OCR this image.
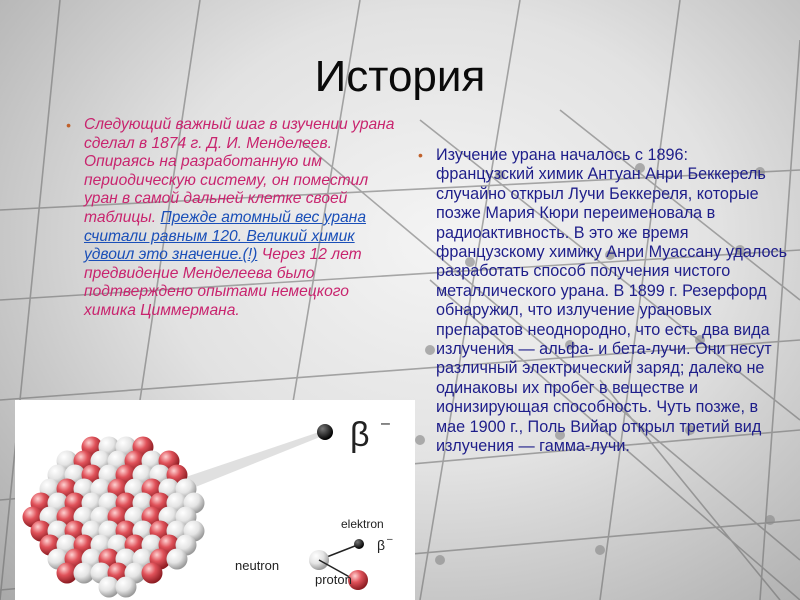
История
• Следующий важный шаг в изучении урана сделал в 1874 г. Д. И. Менделеев. Опираясь на разработанную им периодическую систему, он поместил уран в самой дальней клетке своей таблицы. Прежде атомный вес урана считали равным 120. Великий химик удвоил это значение.(!) Через 12 лет предвидение Менделеева было подтверждено опытами немецкого химика Циммермана.
• Изучение урана началось с 1896: французский химик Антуан Анри Беккерель случайно открыл Лучи Беккереля, которые позже Мария Кюри переименовала в радиоактивность. В это же время французскому химику Анри Муассану удалось разработать способ получения чистого металлического урана. В 1899 г. Резерфорд обнаружил, что излучение урановых препаратов неоднородно, что есть два вида излучения — альфа- и бета-лучи. Они несут различный электрический заряд; далеко не одинаковы их пробег в веществе и ионизирующая способность. Чуть позже, в мае 1900 г., Поль Вийар открыл третий вид излучения — гамма-лучи.
β –
elektron
β –
neutron
proton
